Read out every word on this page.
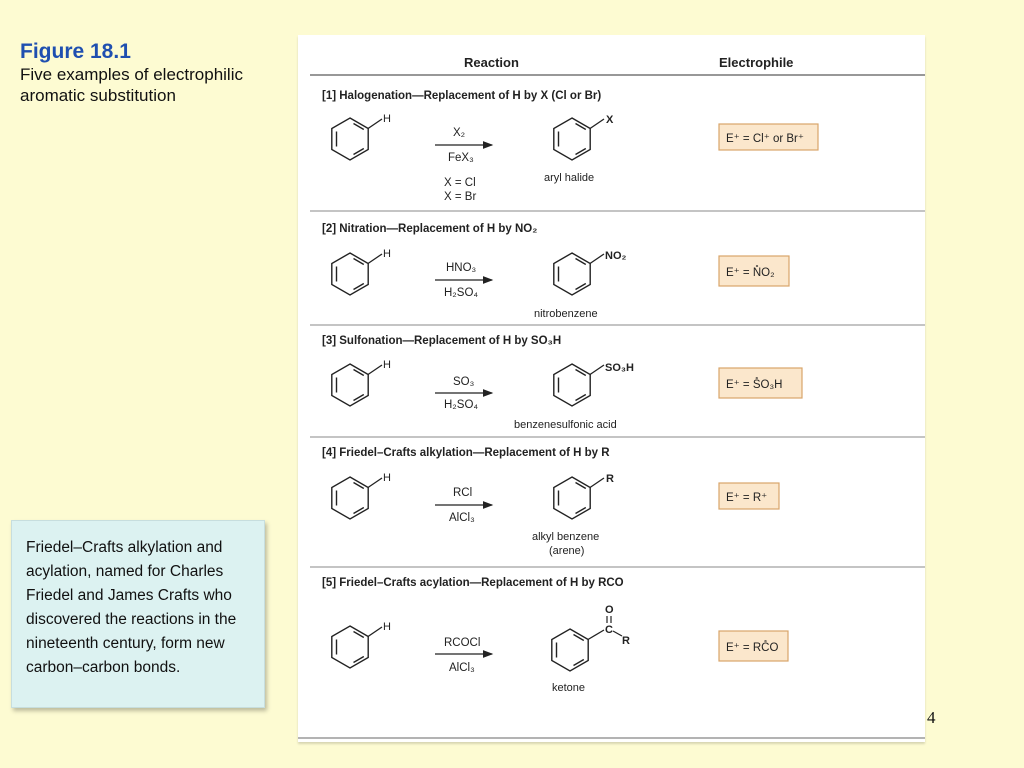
Figure 18.1
Five examples of electrophilic aromatic substitution
Friedel–Crafts alkylation and acylation, named for Charles Friedel and James Crafts who discovered the reactions in the nineteenth century, form new carbon–carbon bonds.
Reaction	Electrophile
[1] Halogenation—Replacement of H by X (Cl or Br)
H
X₂
FeX₃
X = Cl
X = Br
X
aryl halide
E⁺ = Cl⁺ or Br⁺
[2] Nitration—Replacement of H by NO₂
H
HNO₃
H₂SO₄
NO₂
nitrobenzene
E⁺ = N̊O₂
[3] Sulfonation—Replacement of H by SO₃H
H
SO₃
H₂SO₄
SO₃H
benzenesulfonic acid
E⁺ = S̊O₃H
[4] Friedel–Crafts alkylation—Replacement of H by R
H
RCl
AlCl₃
R
alkyl benzene
(arene)
E⁺ = R⁺
[5] Friedel–Crafts acylation—Replacement of H by RCO
H
RCOCl
AlCl₃
O
C
R
ketone
E⁺ = RC̊O
4
